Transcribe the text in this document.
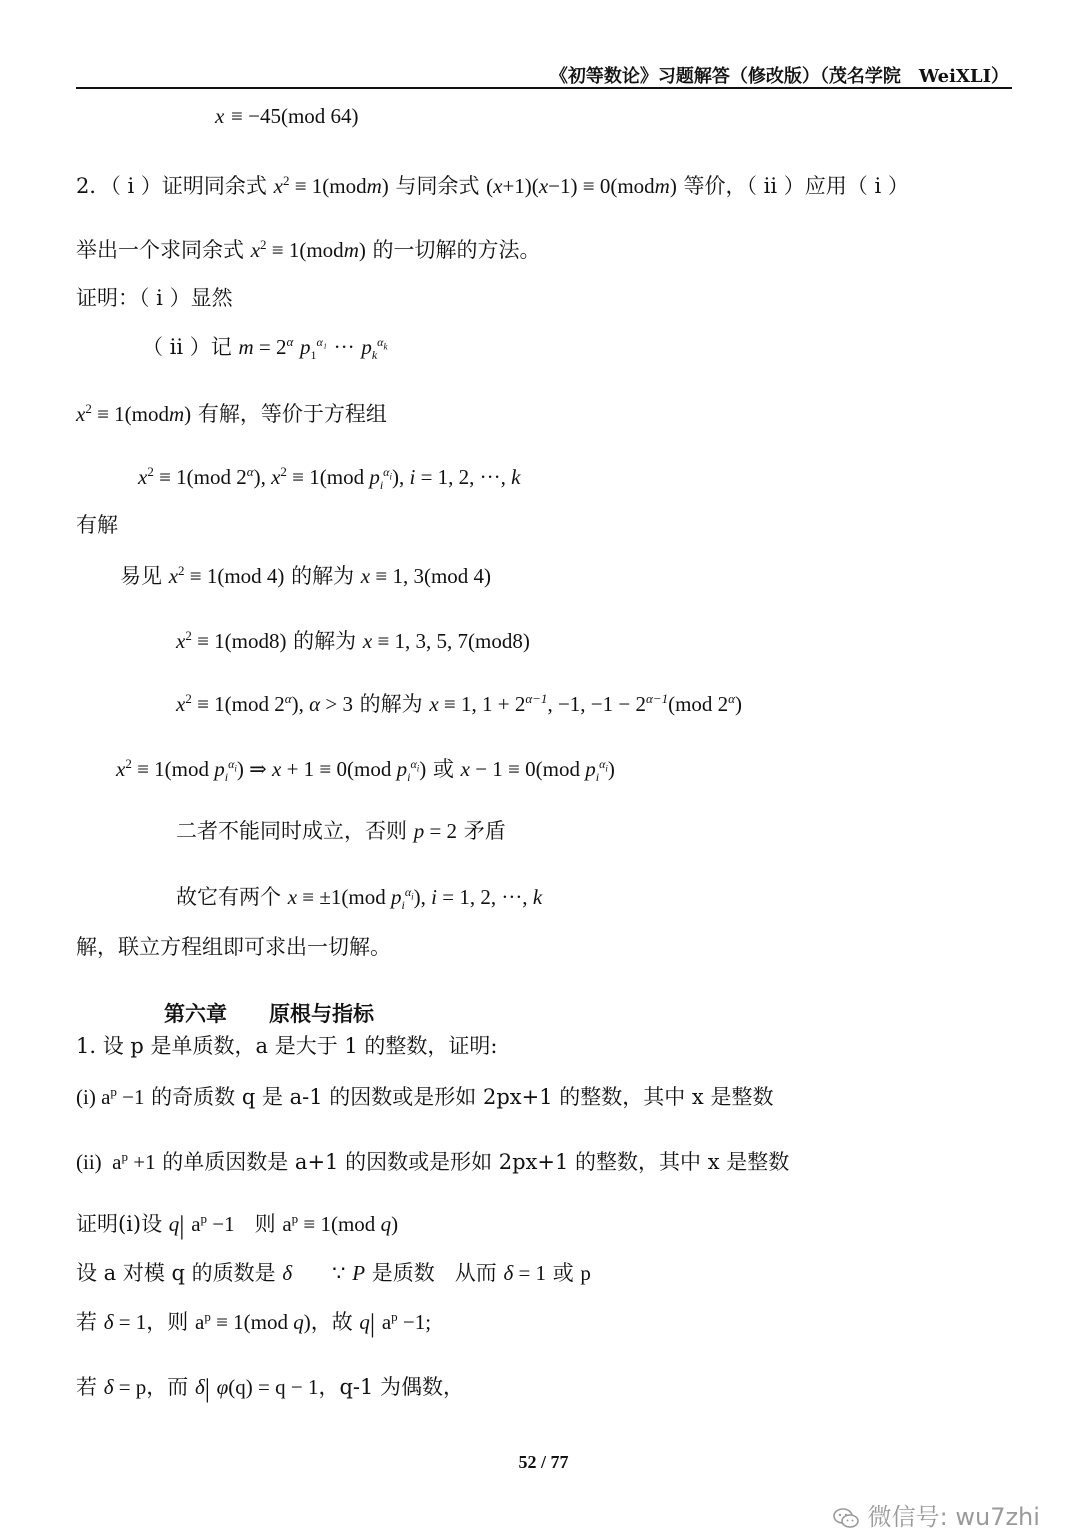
《初等数论》习题解答（修改版）（茂名学院　WeiXLI）
x ≡ −45(mod 64)
2．（ i ）证明同余式 $x^2$ ≡ 1(modm) 与同余式 (x+1)(x−1) ≡ 0(modm) 等价，（ ii ）应用（ i ）
举出一个求同余式 $x^2$ ≡ 1(modm) 的一切解的方法。
证明：（ i ）显然
（ ii ）记 $m = 2^\alpha$ $p_1^{\alpha_1}$ ··· $p_k^{\alpha_k}$
$x^2$ ≡ 1(modm) 有解，等价于方程组
$x^2 \equiv 1(mod$ $2^\alpha$), $x^2 \equiv 1(mod$ $p_i^{\alpha_i}$), i = 1, 2, ···, k
有解
易见 $x^2 \equiv 1(mod$ 4) 的解为 x ≡ 1, 3(mod 4)
$x^2 \equiv 1(mod8)$ 的解为 x ≡ 1, 3, 5, 7(mod8)
$x^2 \equiv 1(mod$ $2^\alpha$), α > 3 的解为 x ≡ 1, $1 + 2^{\alpha-1}$, −1, $-1 - 2^{\alpha-1}(mod$ $2^\alpha$)
$x^2 \equiv 1(mod$ $p_i^{\alpha_i}$) ⇒ x + 1 ≡ 0(mod $p_i^{\alpha_i}$) 或 x − 1 ≡ 0(mod $p_i^{\alpha_i}$)
二者不能同时成立，否则 p = 2 矛盾
故它有两个 x ≡ ±1(mod $p_i^{\alpha_i}$), i = 1, 2, ···, k
解，联立方程组即可求出一切解。
第六章　　原根与指标
1. 设 p 是单质数，a 是大于 1 的整数，证明:
(i) $a^p -1$ 的奇质数 q 是 a-1 的因数或是形如 2px+1 的整数，其中 x 是整数
(ii)  $a^p +1$ 的单质因数是 a+1 的因数或是形如 2px+1 的整数，其中 x 是整数
证明(i)设 q| $a^p -1$   则 $a^p \equiv 1(mod$ q)
设 a 对模 q 的质数是 δ ∵ P 是质数   从而 δ = 1 或 p
若 δ = 1，则 $a^p \equiv 1(mod$ q)，故 q| $a^p -1$;
若 δ = p，而 δ| φ(q) = q − 1，q-1 为偶数，
52 / 77
微信号: wu7zhi
